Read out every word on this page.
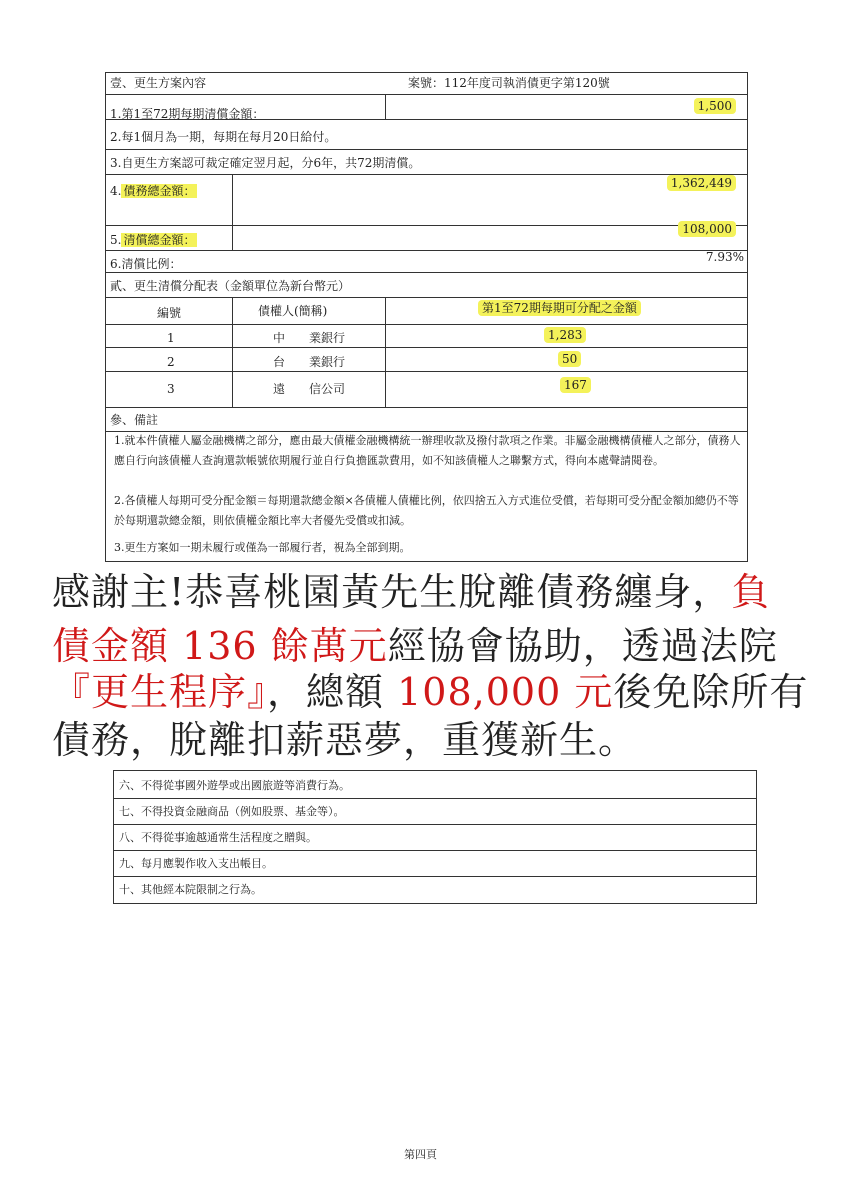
壹、更生方案內容	案號：112年度司執消債更字第120號
1.第1至72期每期清償金額：
1,500
2.每1個月為一期，每期在每月20日給付。
3.自更生方案認可裁定確定翌月起，分6年，共72期清償。
4. 債務總金額：
1,362,449
5. 清償總金額：
108,000
6.清償比例：	7.93%
貳、更生清償分配表（金額單位為新台幣元）
編號	債權人(簡稱)	第1至72期每期可分配之金額
1	中　　業銀行	1,283
2	台　　業銀行	50
3	遠　　信公司	167
參、備註
1.就本件債權人屬金融機構之部分，應由最大債權金融機構統一辦理收款及撥付款項之作業。非屬金融機構債權人之部分，債務人應自行向該債權人查詢還款帳號依期履行並自行負擔匯款費用，如不知該債權人之聯繫方式，得向本處聲請閱卷。
2.各債權人每期可受分配金額＝每期還款總金額×各債權人債權比例，依四捨五入方式進位受償，若每期可受分配金額加總仍不等於每期還款總金額，則依債權金額比率大者優先受償或扣減。
3.更生方案如一期未履行或僅為一部履行者，視為全部到期。
感謝主!恭喜桃園黃先生脫離債務纏身，負
債金額 136 餘萬元經協會協助，透過法院
『更生程序』，總額 108,000 元後免除所有
債務，脫離扣薪惡夢，重獲新生。
六、不得從事國外遊學或出國旅遊等消費行為。
七、不得投資金融商品（例如股票、基金等）。
八、不得從事逾越通常生活程度之贈與。
九、每月應製作收入支出帳目。
十、其他經本院限制之行為。
第四頁
